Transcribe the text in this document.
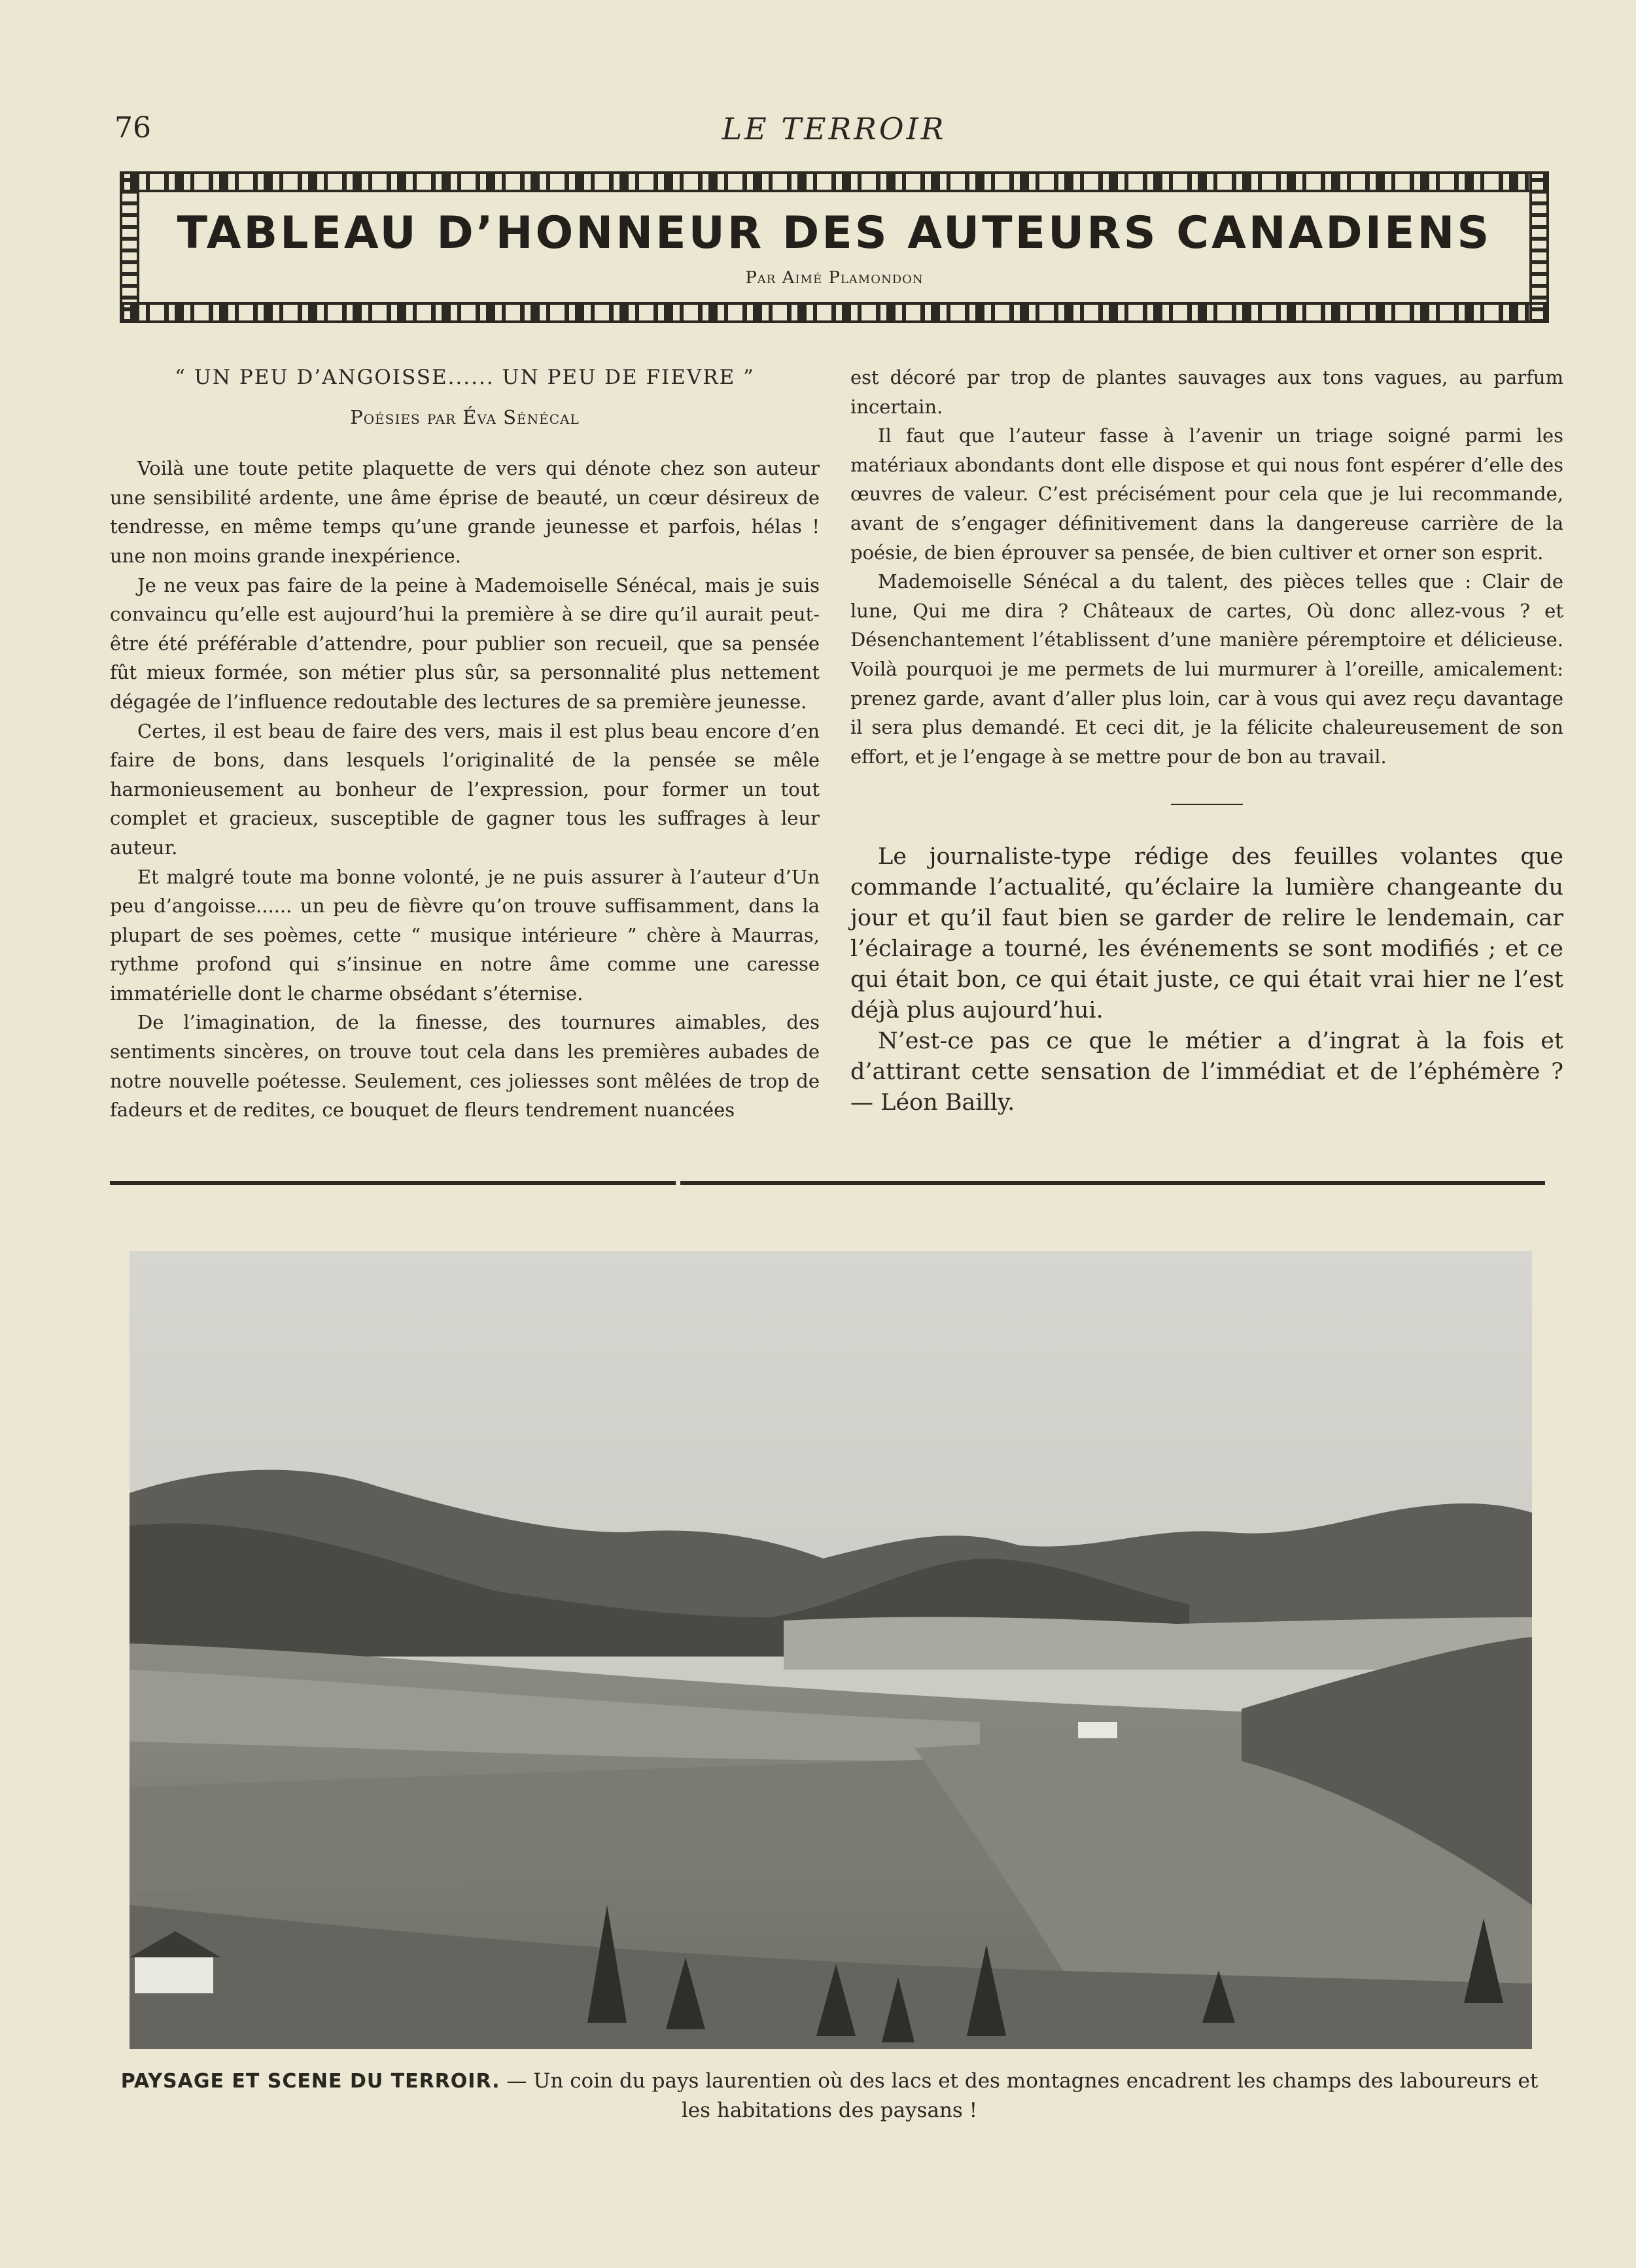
76	LE TERROIR
TABLEAU D’HONNEUR DES AUTEURS CANADIENS
Par Aimé Plamondon
“ UN PEU D’ANGOISSE...... UN PEU DE FIEVRE ”
Poésies par Éva Sénécal

Voilà une toute petite plaquette de vers qui dénote chez son auteur une sensibilité ardente, une âme éprise de beauté, un cœur désireux de tendresse, en même temps qu’une grande jeunesse et parfois, hélas ! une non moins grande inexpérience.

Je ne veux pas faire de la peine à Mademoiselle Sénécal, mais je suis convaincu qu’elle est aujourd’hui la première à se dire qu’il aurait peut-être été préférable d’attendre, pour publier son recueil, que sa pensée fût mieux formée, son métier plus sûr, sa personnalité plus nettement dégagée de l’influence redoutable des lectures de sa première jeunesse.

Certes, il est beau de faire des vers, mais il est plus beau encore d’en faire de bons, dans lesquels l’originalité de la pensée se mêle harmonieusement au bonheur de l’expression, pour former un tout complet et gracieux, susceptible de gagner tous les suffrages à leur auteur.

Et malgré toute ma bonne volonté, je ne puis assurer à l’auteur d’Un peu d’angoisse...... un peu de fièvre qu’on trouve suffisamment, dans la plupart de ses poèmes, cette “ musique intérieure ” chère à Maurras, rythme profond qui s’insinue en notre âme comme une caresse immatérielle dont le charme obsédant s’éternise.

De l’imagination, de la finesse, des tournures aimables, des sentiments sincères, on trouve tout cela dans les premières aubades de notre nouvelle poétesse. Seulement, ces joliesses sont mêlées de trop de fadeurs et de redites, ce bouquet de fleurs tendrement nuancées

est décoré par trop de plantes sauvages aux tons vagues, au parfum incertain.

Il faut que l’auteur fasse à l’avenir un triage soigné parmi les matériaux abondants dont elle dispose et qui nous font espérer d’elle des œuvres de valeur. C’est précisément pour cela que je lui recommande, avant de s’engager définitivement dans la dangereuse carrière de la poésie, de bien éprouver sa pensée, de bien cultiver et orner son esprit.

Mademoiselle Sénécal a du talent, des pièces telles que : Clair de lune, Qui me dira ? Châteaux de cartes, Où donc allez-vous ? et Désenchantement l’établissent d’une manière péremptoire et délicieuse. Voilà pourquoi je me permets de lui murmurer à l’oreille, amicalement: prenez garde, avant d’aller plus loin, car à vous qui avez reçu davantage il sera plus demandé. Et ceci dit, je la félicite chaleureusement de son effort, et je l’engage à se mettre pour de bon au travail.

Le journaliste-type rédige des feuilles volantes que commande l’actualité, qu’éclaire la lumière changeante du jour et qu’il faut bien se garder de relire le lendemain, car l’éclairage a tourné, les événements se sont modifiés ; et ce qui était bon, ce qui était juste, ce qui était vrai hier ne l’est déjà plus aujourd’hui.

N’est-ce pas ce que le métier a d’ingrat à la fois et d’attirant cette sensation de l’immédiat et de l’éphémère ? — Léon Bailly.

PAYSAGE ET SCENE DU TERROIR. — Un coin du pays laurentien où des lacs et des montagnes encadrent les champs des laboureurs et les habitations des paysans !
